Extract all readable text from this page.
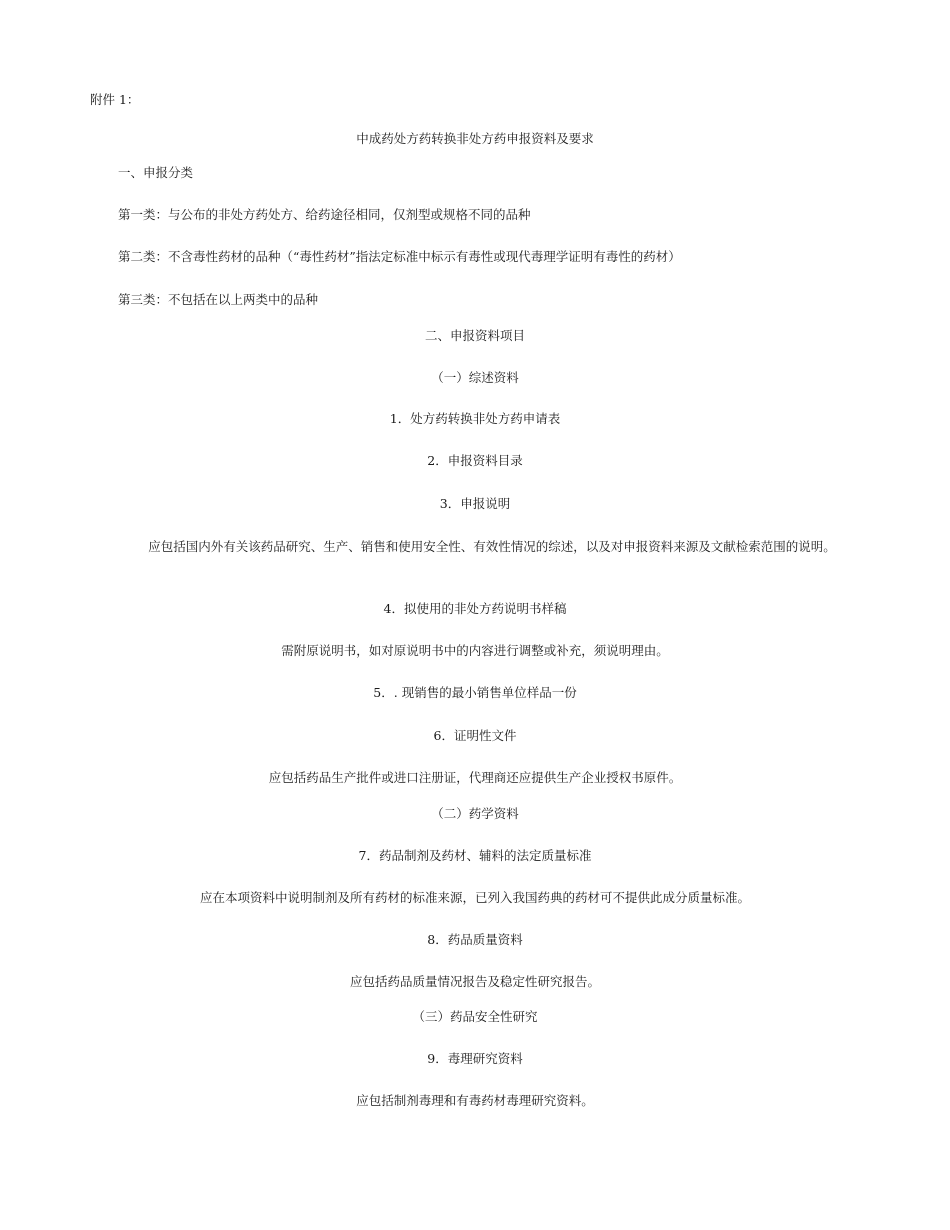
附件 1：
中成药处方药转换非处方药申报资料及要求
一、申报分类
第一类：与公布的非处方药处方、给药途径相同，仅剂型或规格不同的品种
第二类：不含毒性药材的品种（“毒性药材”指法定标准中标示有毒性或现代毒理学证明有毒性的药材）
第三类：不包括在以上两类中的品种
二、申报资料项目
（一）综述资料
1．处方药转换非处方药申请表
2．申报资料目录
3．申报说明
应包括国内外有关该药品研究、生产、销售和使用安全性、有效性情况的综述，以及对申报资料来源及文献检索范围的说明。
4．拟使用的非处方药说明书样稿
需附原说明书，如对原说明书中的内容进行调整或补充，须说明理由。
5．. 现销售的最小销售单位样品一份
6．证明性文件
应包括药品生产批件或进口注册证，代理商还应提供生产企业授权书原件。
（二）药学资料
7．药品制剂及药材、辅料的法定质量标准
应在本项资料中说明制剂及所有药材的标准来源，已列入我国药典的药材可不提供此成分质量标准。
8．药品质量资料
应包括药品质量情况报告及稳定性研究报告。
（三）药品安全性研究
9．毒理研究资料
应包括制剂毒理和有毒药材毒理研究资料。
